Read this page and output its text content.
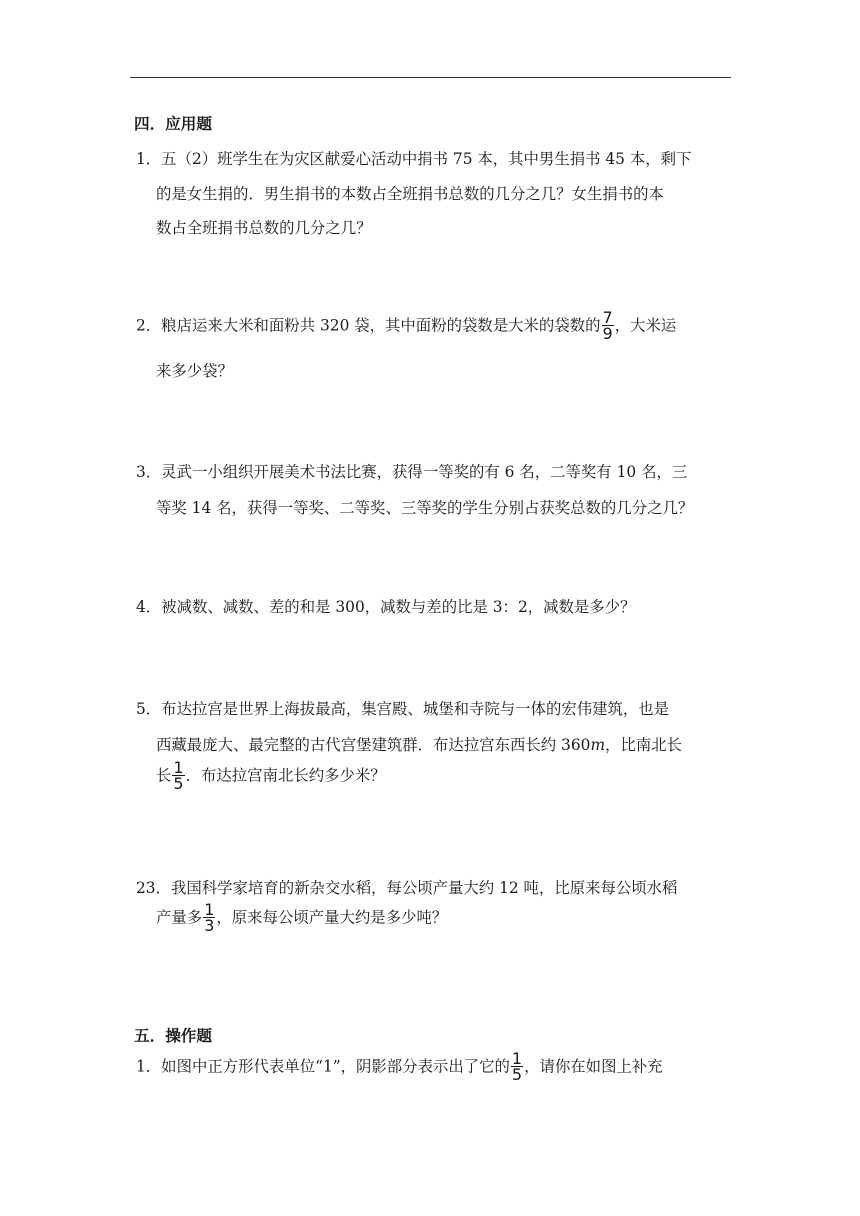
四．应用题
1．五（2）班学生在为灾区献爱心活动中捐书 75 本，其中男生捐书 45 本，剩下
的是女生捐的．男生捐书的本数占全班捐书总数的几分之几？女生捐书的本
数占全班捐书总数的几分之几？
2．粮店运来大米和面粉共 320 袋，其中面粉的袋数是大米的袋数的 $\frac{7}{9}$ ，大米运
来多少袋？
3．灵武一小组织开展美术书法比赛，获得一等奖的有 6 名，二等奖有 10 名，三
等奖 14 名，获得一等奖、二等奖、三等奖的学生分别占获奖总数的几分之几？
4．被减数、减数、差的和是 300，减数与差的比是 3：2，减数是多少？
5．布达拉宫是世界上海拔最高，集宫殿、城堡和寺院与一体的宏伟建筑，也是
西藏最庞大、最完整的古代宫堡建筑群．布达拉宫东西长约 360m，比南北长
长 $\frac{1}{5}$ ．布达拉宫南北长约多少米？
23．我国科学家培育的新杂交水稻，每公顷产量大约 12 吨，比原来每公顷水稻
产量多 $\frac{1}{3}$ ，原来每公顷产量大约是多少吨？
五．操作题
1．如图中正方形代表单位“1”，阴影部分表示出了它的 $\frac{1}{5}$ ，请你在如图上补充
